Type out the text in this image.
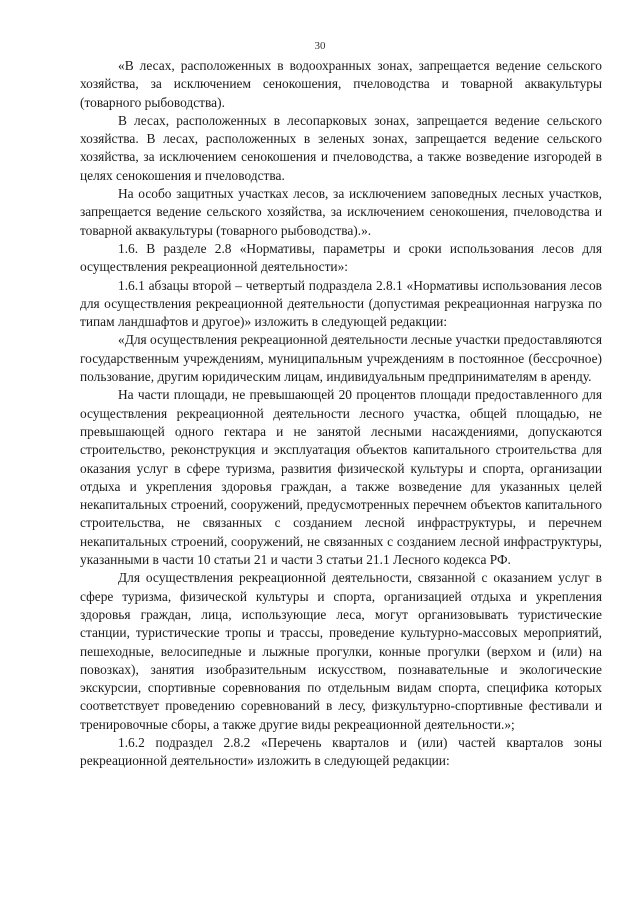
30

«В лесах, расположенных в водоохранных зонах, запрещается ведение сельского хозяйства, за исключением сенокошения, пчеловодства и товарной аквакультуры (товарного рыбоводства).

В лесах, расположенных в лесопарковых зонах, запрещается ведение сельского хозяйства. В лесах, расположенных в зеленых зонах, запрещается ведение сельского хозяйства, за исключением сенокошения и пчеловодства, а также возведение изгородей в целях сенокошения и пчеловодства.

На особо защитных участках лесов, за исключением заповедных лесных участков, запрещается ведение сельского хозяйства, за исключением сенокошения, пчеловодства и товарной аквакультуры (товарного рыбоводства).».

1.6. В разделе 2.8 «Нормативы, параметры и сроки использования лесов для осуществления рекреационной деятельности»:

1.6.1 абзацы второй – четвертый подраздела 2.8.1 «Нормативы использования лесов для осуществления рекреационной деятельности (допустимая рекреационная нагрузка по типам ландшафтов и другое)» изложить в следующей редакции:

«Для осуществления рекреационной деятельности лесные участки предоставляются государственным учреждениям, муниципальным учреждениям в постоянное (бессрочное) пользование, другим юридическим лицам, индивидуальным предпринимателям в аренду.

На части площади, не превышающей 20 процентов площади предоставленного для осуществления рекреационной деятельности лесного участка, общей площадью, не превышающей одного гектара и не занятой лесными насаждениями, допускаются строительство, реконструкция и эксплуатация объектов капитального строительства для оказания услуг в сфере туризма, развития физической культуры и спорта, организации отдыха и укрепления здоровья граждан, а также возведение для указанных целей некапитальных строений, сооружений, предусмотренных перечнем объектов капитального строительства, не связанных с созданием лесной инфраструктуры, и перечнем некапитальных строений, сооружений, не связанных с созданием лесной инфраструктуры, указанными в части 10 статьи 21 и части 3 статьи 21.1 Лесного кодекса РФ.

Для осуществления рекреационной деятельности, связанной с оказанием услуг в сфере туризма, физической культуры и спорта, организацией отдыха и укрепления здоровья граждан, лица, использующие леса, могут организовывать туристические станции, туристические тропы и трассы, проведение культурно-массовых мероприятий, пешеходные, велосипедные и лыжные прогулки, конные прогулки (верхом и (или) на повозках), занятия изобразительным искусством, познавательные и экологические экскурсии, спортивные соревнования по отдельным видам спорта, специфика которых соответствует проведению соревнований в лесу, физкультурно-спортивные фестивали и тренировочные сборы, а также другие виды рекреационной деятельности.»;

1.6.2 подраздел 2.8.2 «Перечень кварталов и (или) частей кварталов зоны рекреационной деятельности» изложить в следующей редакции:
